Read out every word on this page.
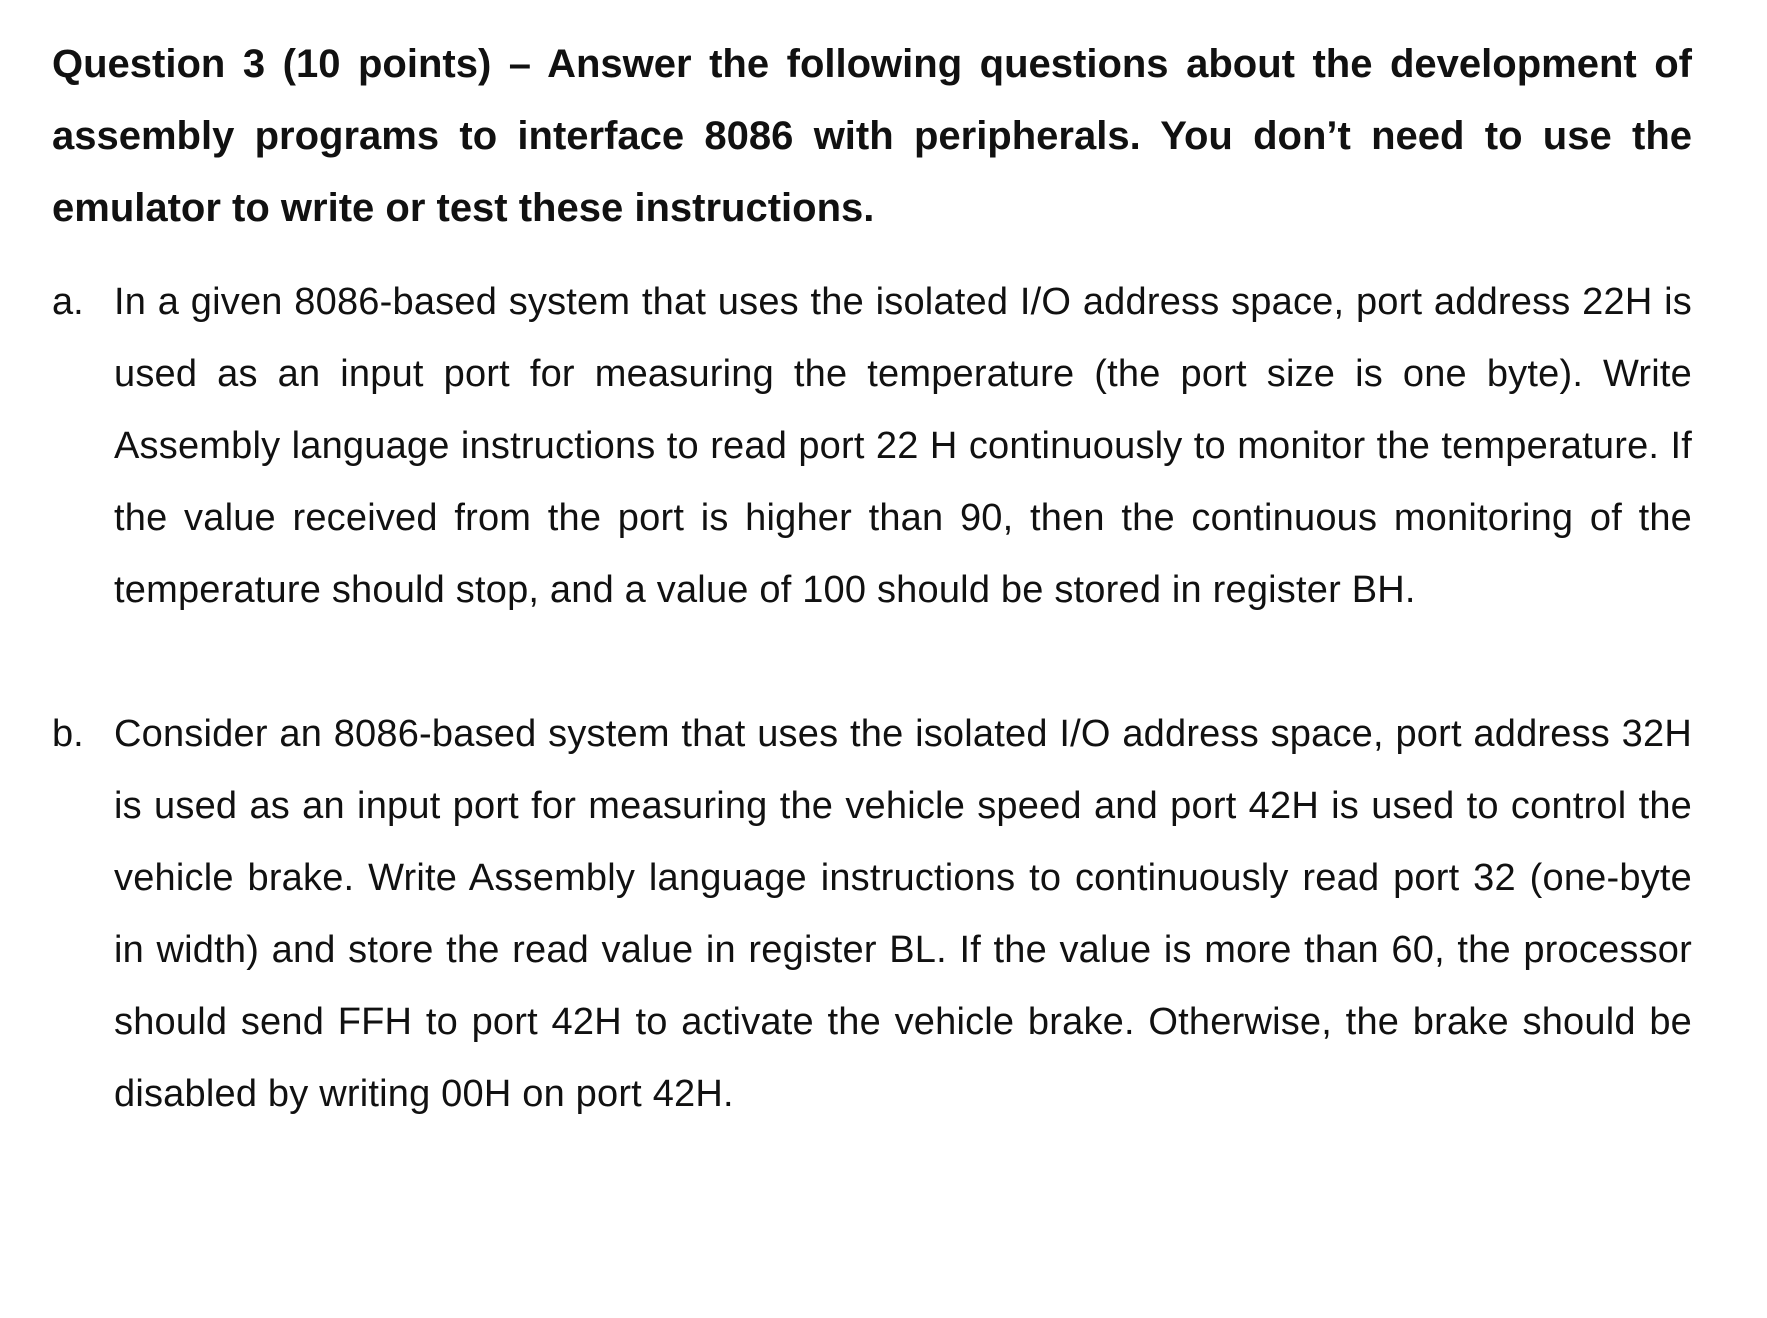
Question 3 (10 points) – Answer the following questions about the development of assembly programs to interface 8086 with peripherals. You don’t need to use the emulator to write or test these instructions.

a. In a given 8086-based system that uses the isolated I/O address space, port address 22H is used as an input port for measuring the temperature (the port size is one byte). Write Assembly language instructions to read port 22 H continuously to monitor the temperature. If the value received from the port is higher than 90, then the continuous monitoring of the temperature should stop, and a value of 100 should be stored in register BH.
b. Consider an 8086-based system that uses the isolated I/O address space, port address 32H is used as an input port for measuring the vehicle speed and port 42H is used to control the vehicle brake. Write Assembly language instructions to continuously read port 32 (one-byte in width) and store the read value in register BL. If the value is more than 60, the processor should send FFH to port 42H to activate the vehicle brake. Otherwise, the brake should be disabled by writing 00H on port 42H.
